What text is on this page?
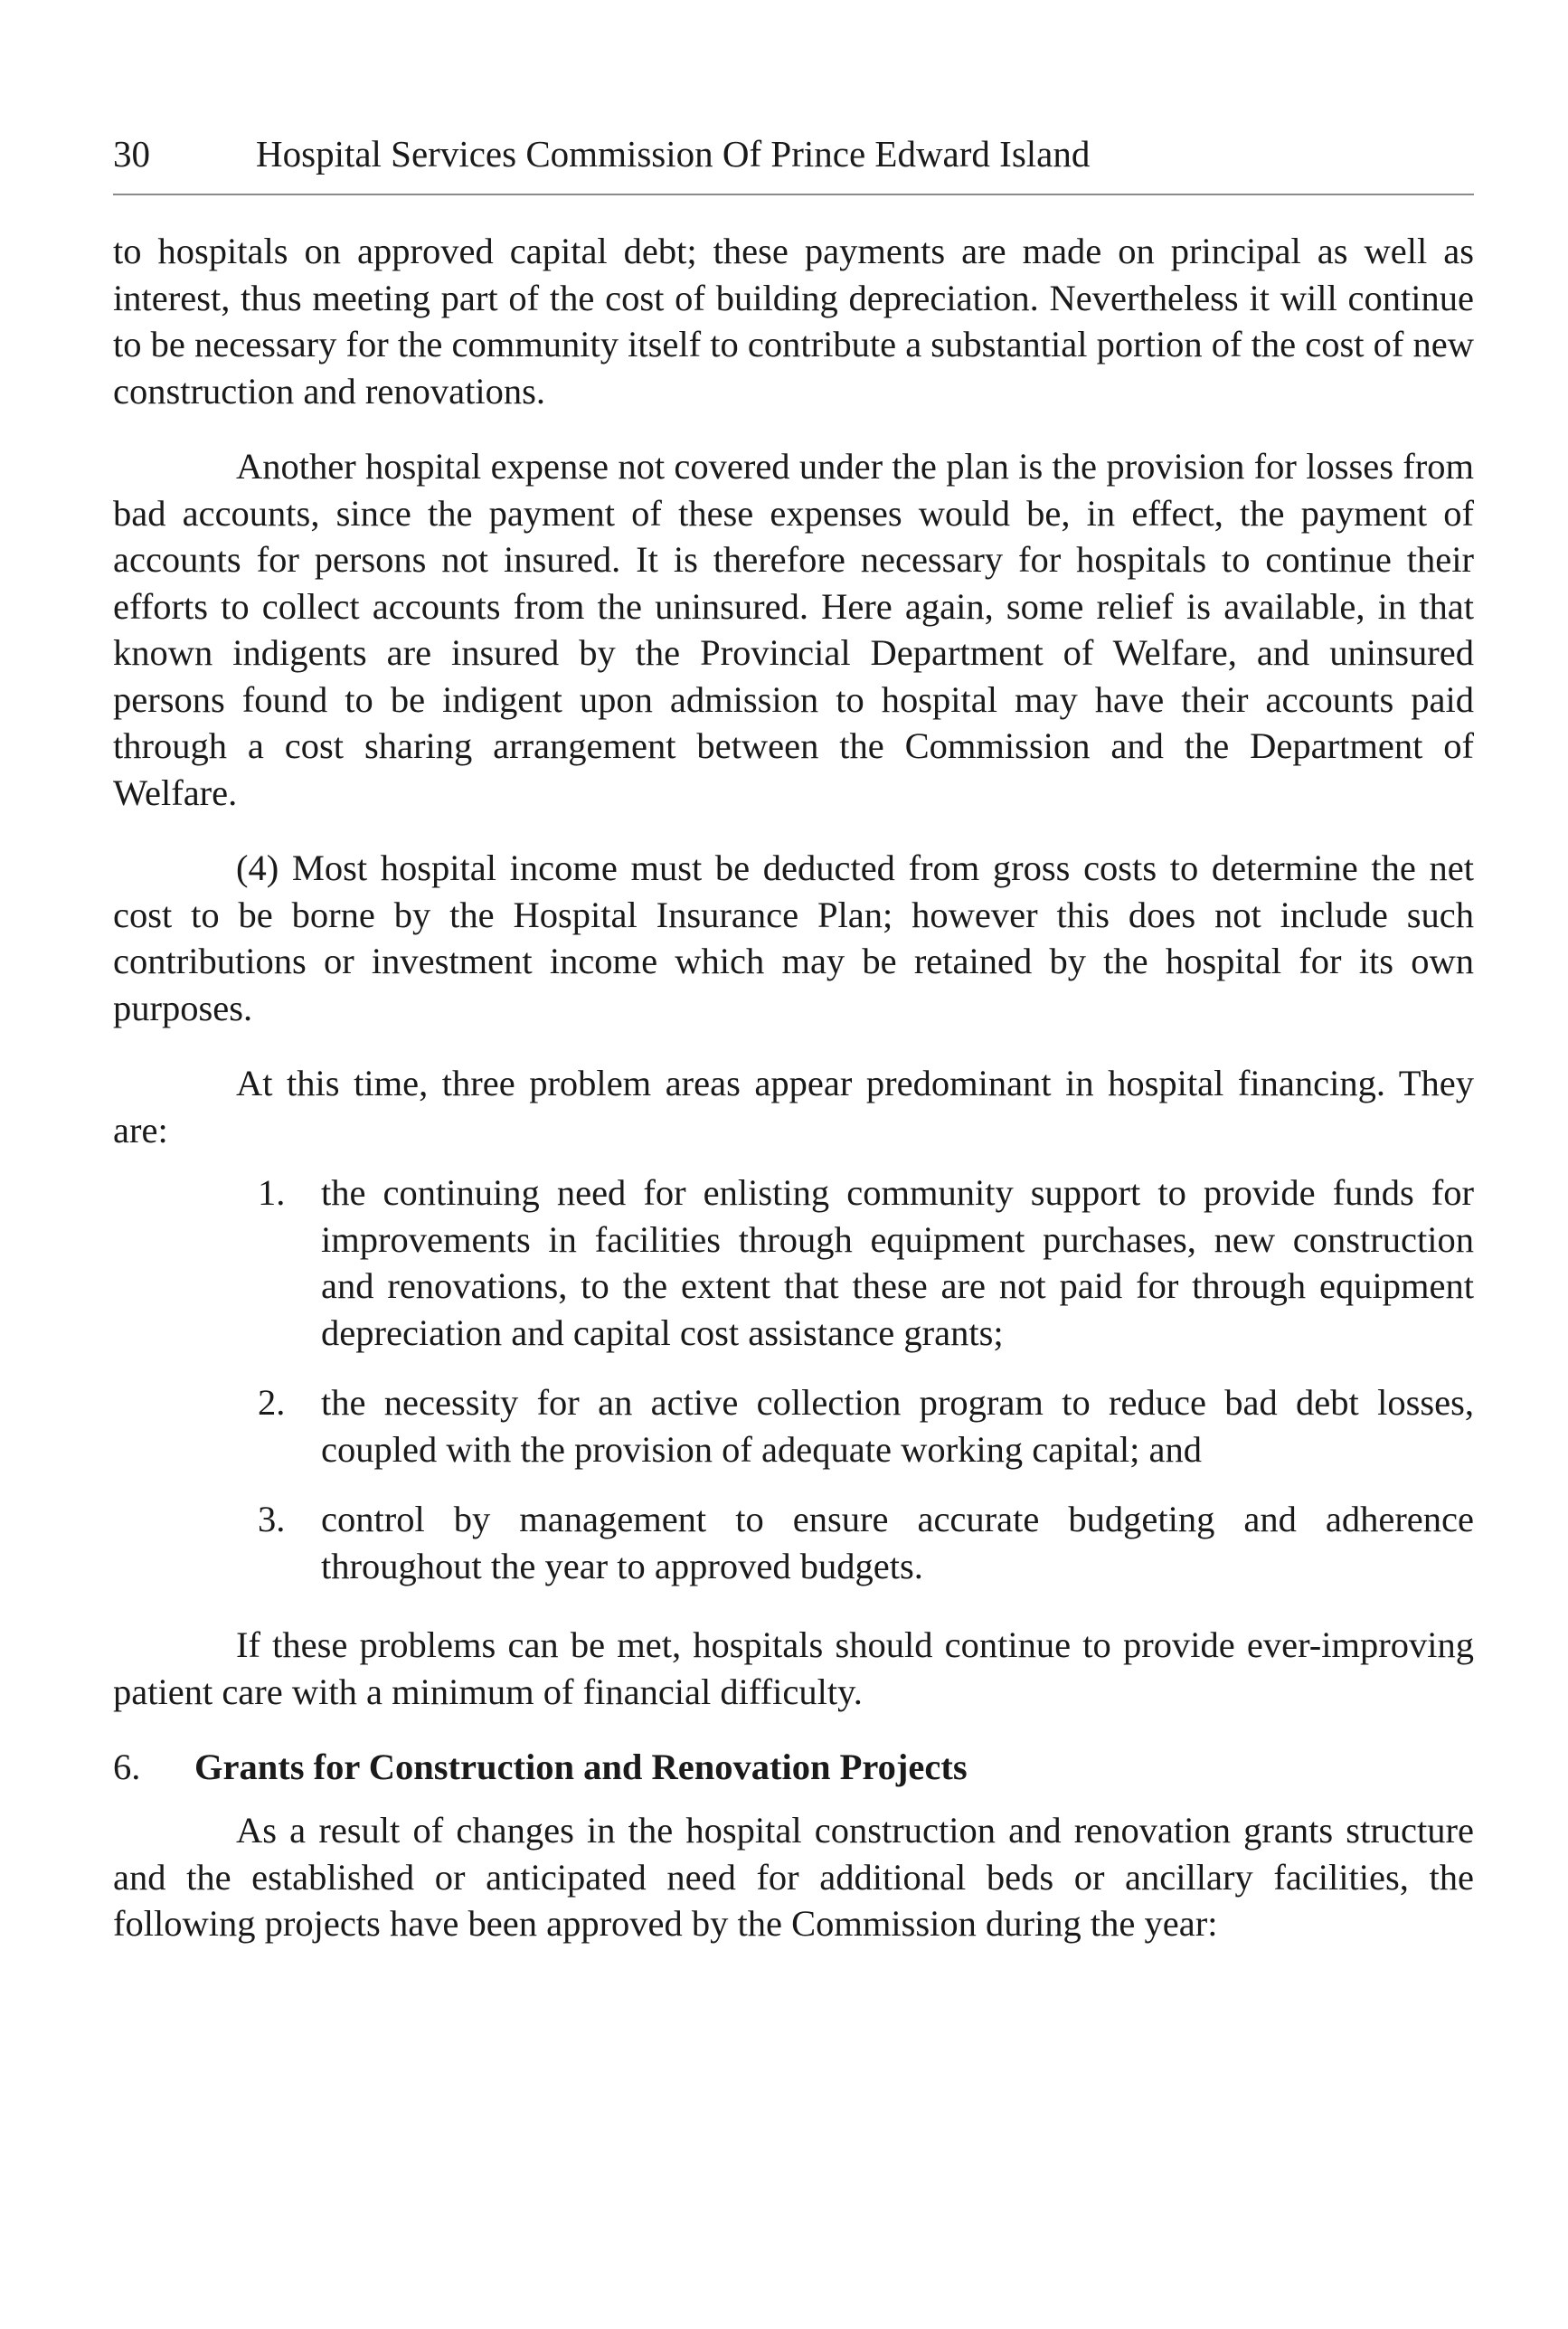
30	Hospital Services Commission Of Prince Edward Island

to hospitals on approved capital debt; these payments are made on principal as well as interest, thus meeting part of the cost of building depreciation. Nevertheless it will continue to be necessary for the community itself to contribute a substantial portion of the cost of new construction and renovations.

Another hospital expense not covered under the plan is the provision for losses from bad accounts, since the payment of these expenses would be, in effect, the payment of accounts for persons not insured. It is therefore necessary for hospitals to continue their efforts to collect accounts from the uninsured. Here again, some relief is available, in that known indigents are insured by the Provincial Department of Welfare, and uninsured persons found to be indigent upon admission to hospital may have their accounts paid through a cost sharing arrangement between the Commission and the Department of Welfare.

(4) Most hospital income must be deducted from gross costs to determine the net cost to be borne by the Hospital Insurance Plan; however this does not include such contributions or investment income which may be retained by the hospital for its own purposes.

At this time, three problem areas appear predominant in hospital financing. They are:

1. the continuing need for enlisting community support to provide funds for improvements in facilities through equipment purchases, new construction and renovations, to the extent that these are not paid for through equipment depreciation and capital cost assistance grants;
2. the necessity for an active collection program to reduce bad debt losses, coupled with the provision of adequate working capital; and
3. control by management to ensure accurate budgeting and adherence throughout the year to approved budgets.

If these problems can be met, hospitals should continue to provide ever-improving patient care with a minimum of financial difficulty.

6. Grants for Construction and Renovation Projects

As a result of changes in the hospital construction and renovation grants structure and the established or anticipated need for additional beds or ancillary facilities, the following projects have been approved by the Commission during the year:
